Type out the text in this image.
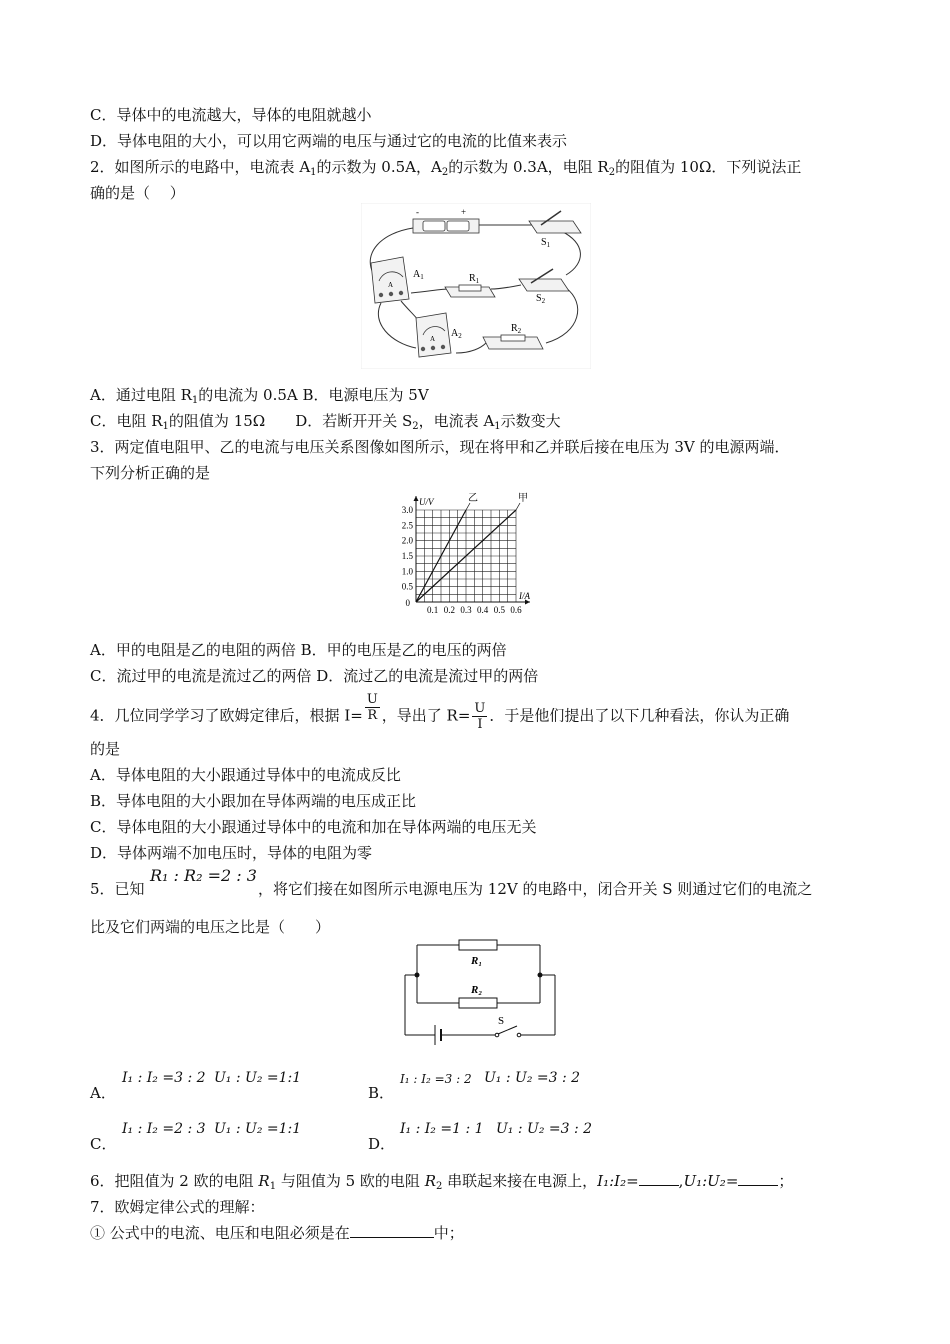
C．导体中的电流越大，导体的电阻就越小
D．导体电阻的大小，可以用它两端的电压与通过它的电流的比值来表示
2．如图所示的电路中，电流表 $A_1$的示数为 0.5A，$A_2$的示数为 0.3A，电阻 $R_2$的阻值为 10Ω．下列说法正
确的是（　 ）
-	+
$S_1$
A
$A_1$	$R_1$
$S_2$
A $A_2$
$R_2$
A．通过电阻 $R_1$的电流为 0.5A B．电源电压为 5V
C．电阻 $R_1$的阻值为 15Ω　　D．若断开开关 $S_2$，电流表 $A_1$示数变大
3．两定值电阻甲、乙的电流与电压关系图像如图所示，现在将甲和乙并联后接在电压为 3V 的电源两端．
下列分析正确的是
0.1 0.2 0.3 0.4 0.5 0.6
0.5
1.0
1.5
2.0
2.5
3.0
0
I/A
U/V	乙	甲
A．甲的电阻是乙的电阻的两倍 B．甲的电压是乙的电压的两倍
C．流过甲的电流是流过乙的两倍 D．流过乙的电流是流过甲的两倍
4．几位同学学习了欧姆定律后，根据 $I= \frac{U}{R}$ ，导出了 $R= \frac{U}{I}$ ．于是他们提出了以下几种看法，你认为正确
的是
A．导体电阻的大小跟通过导体中的电流成反比
B．导体电阻的大小跟加在导体两端的电压成正比
C．导体电阻的大小跟通过导体中的电流和加在导体两端的电压无关
D．导体两端不加电压时，导体的电阻为零
5．已知
R₁ : R₂ =2 : 3
，将它们接在如图所示电源电压为 12V 的电路中，闭合开关 S 则通过它们的电流之
比及它们两端的电压之比是（　　）
R₁
R₂
S
A．
I₁ : I₂ =3 : 2 U₁ : U₂ =1:1
B．
I₁ : I₂ =3 : 2 U₁ : U₂ =3 : 2
C．
I₁ : I₂ =2 : 3 U₁ : U₂ =1:1
D．
I₁ : I₂ =1 : 1 U₁ : U₂ =3 : 2
6．把阻值为 2 欧的电阻 $R_1$ 与阻值为 5 欧的电阻 $R_2$ 串联起来接在电源上，I₁:I₂=	,U₁:U₂=	；
7．欧姆定律公式的理解：
① 公式中的电流、电压和电阻必须是在	中；
